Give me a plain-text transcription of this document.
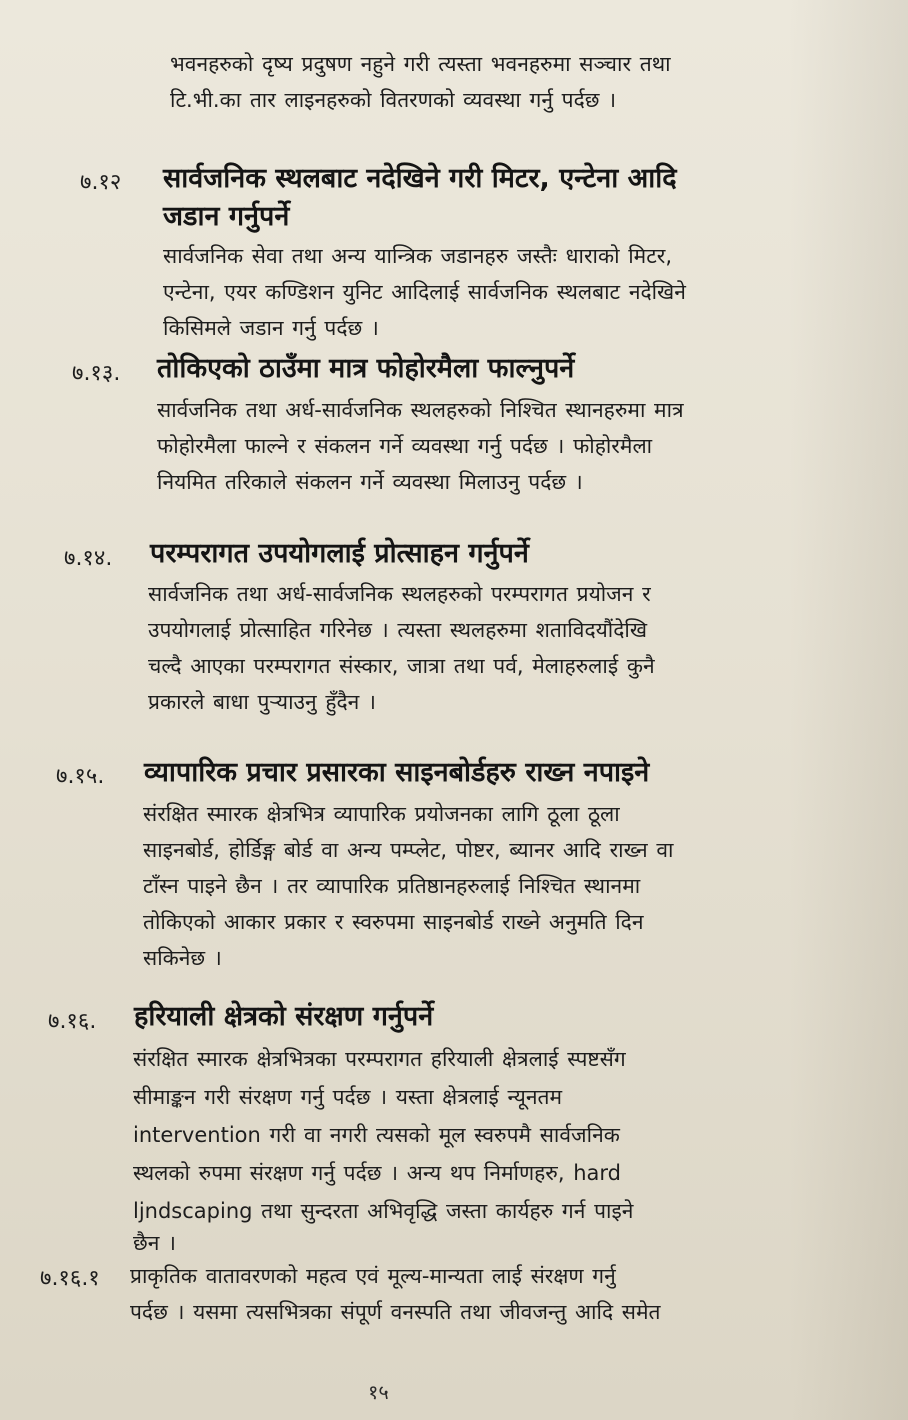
भवनहरुको दृष्य प्रदुषण नहुने गरी त्यस्ता भवनहरुमा सञ्चार तथा

टि.भी.का तार लाइनहरुको वितरणको व्यवस्था गर्नु पर्दछ ।

७.१२ सार्वजनिक स्थलबाट नदेखिने गरी मिटर, एन्टेना आदि
जडान गर्नुपर्ने

सार्वजनिक सेवा तथा अन्य यान्त्रिक जडानहरु जस्तैः धाराको मिटर,

एन्टेना, एयर कण्डिशन युनिट आदिलाई सार्वजनिक स्थलबाट नदेखिने

किसिमले जडान गर्नु पर्दछ ।

७.१३. तोकिएको ठाउँमा मात्र फोहोरमैला फाल्नुपर्ने

सार्वजनिक तथा अर्ध-सार्वजनिक स्थलहरुको निश्चित स्थानहरुमा मात्र

फोहोरमैला फाल्ने र संकलन गर्ने व्यवस्था गर्नु पर्दछ । फोहोरमैला

नियमित तरिकाले संकलन गर्ने व्यवस्था मिलाउनु पर्दछ ।

७.१४. परम्परागत उपयोगलाई प्रोत्साहन गर्नुपर्ने

सार्वजनिक तथा अर्ध-सार्वजनिक स्थलहरुको परम्परागत प्रयोजन र

उपयोगलाई प्रोत्साहित गरिनेछ । त्यस्ता स्थलहरुमा शताविदयौंदेखि

चल्दै आएका परम्परागत संस्कार, जात्रा तथा पर्व, मेलाहरुलाई कुनै

प्रकारले बाधा पुऱ्याउनु हुँदैन ।

७.१५. व्यापारिक प्रचार प्रसारका साइनबोर्डहरु राख्न नपाइने

संरक्षित स्मारक क्षेत्रभित्र व्यापारिक प्रयोजनका लागि ठूला ठूला

साइनबोर्ड, होर्डिङ्ग बोर्ड वा अन्य पम्प्लेट, पोष्टर, ब्यानर आदि राख्न वा

टाँस्न पाइने छैन । तर व्यापारिक प्रतिष्ठानहरुलाई निश्चित स्थानमा

तोकिएको आकार प्रकार र स्वरुपमा साइनबोर्ड राख्ने अनुमति दिन

सकिनेछ ।

७.१६. हरियाली क्षेत्रको संरक्षण गर्नुपर्ने

संरक्षित स्मारक क्षेत्रभित्रका परम्परागत हरियाली क्षेत्रलाई स्पष्टसँग

सीमाङ्कन गरी संरक्षण गर्नु पर्दछ । यस्ता क्षेत्रलाई न्यूनतम

intervention गरी वा नगरी त्यसको मूल स्वरुपमै सार्वजनिक

स्थलको रुपमा संरक्षण गर्नु पर्दछ । अन्य थप निर्माणहरु, hard

ljndscaping तथा सुन्दरता अभिवृद्धि जस्ता कार्यहरु गर्न पाइने

छैन ।

७.१६.१ प्राकृतिक वातावरणको महत्व एवं मूल्य-मान्यता लाई संरक्षण गर्नु

पर्दछ । यसमा त्यसभित्रका संपूर्ण वनस्पति तथा जीवजन्तु आदि समेत

१५
